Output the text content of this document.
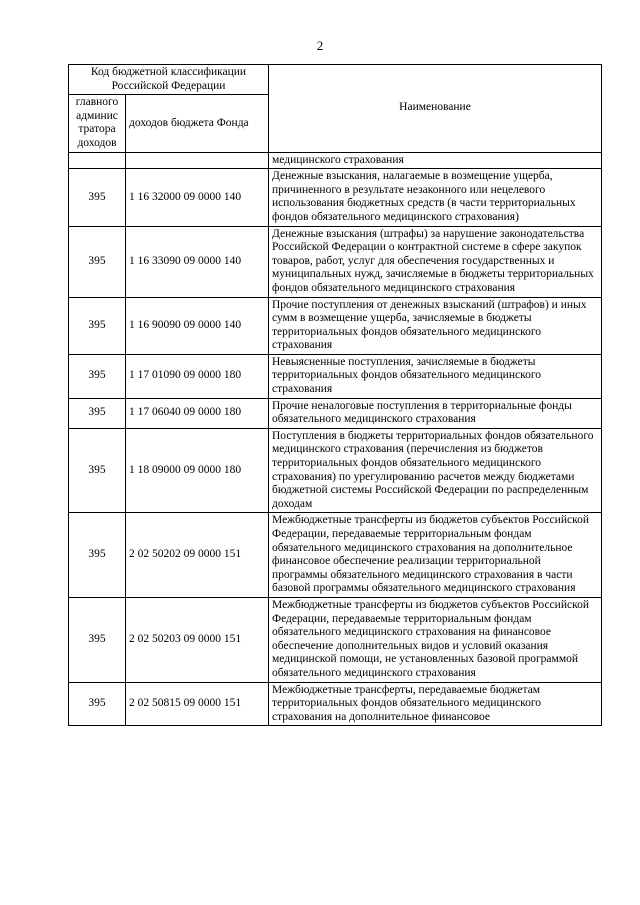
2
Код бюджетной классификации Российской Федерации		Наименование
главного админис тратора доходов	доходов бюджета Фонда	
		медицинского страхования
395	1 16 32000 09 0000 140	Денежные взыскания, налагаемые в возмещение ущерба, причиненного в результате незаконного или нецелевого использования бюджетных средств (в части территориальных фондов обязательного медицинского страхования)
395	1 16 33090 09 0000 140	Денежные взыскания (штрафы) за нарушение законодательства Российской Федерации о контрактной системе в сфере закупок товаров, работ, услуг для обеспечения государственных и муниципальных нужд, зачисляемые в бюджеты территориальных фондов обязательного медицинского страхования
395	1 16 90090 09 0000 140	Прочие поступления от денежных взысканий (штрафов) и иных сумм в возмещение ущерба, зачисляемые в бюджеты территориальных фондов обязательного медицинского страхования
395	1 17 01090 09 0000 180	Невыясненные поступления, зачисляемые в бюджеты территориальных фондов обязательного медицинского страхования
395	1 17 06040 09 0000 180	Прочие неналоговые поступления в территориальные фонды обязательного медицинского страхования
395	1 18 09000 09 0000 180	Поступления в бюджеты территориальных фондов обязательного медицинского страхования (перечисления из бюджетов территориальных фондов обязательного медицинского страхования) по урегулированию расчетов между бюджетами бюджетной системы Российской Федерации по распределенным доходам
395	2 02 50202 09 0000 151	Межбюджетные трансферты из бюджетов субъектов Российской Федерации, передаваемые территориальным фондам обязательного медицинского страхования на дополнительное финансовое обеспечение реализации территориальной программы обязательного медицинского страхования в части базовой программы обязательного медицинского страхования
395	2 02 50203 09 0000 151	Межбюджетные трансферты из бюджетов субъектов Российской Федерации, передаваемые территориальным фондам обязательного медицинского страхования на финансовое обеспечение дополнительных видов и условий оказания медицинской помощи, не установленных базовой программой обязательного медицинского страхования
395	2 02 50815 09 0000 151	Межбюджетные трансферты, передаваемые бюджетам территориальных фондов обязательного медицинского страхования на дополнительное финансовое
